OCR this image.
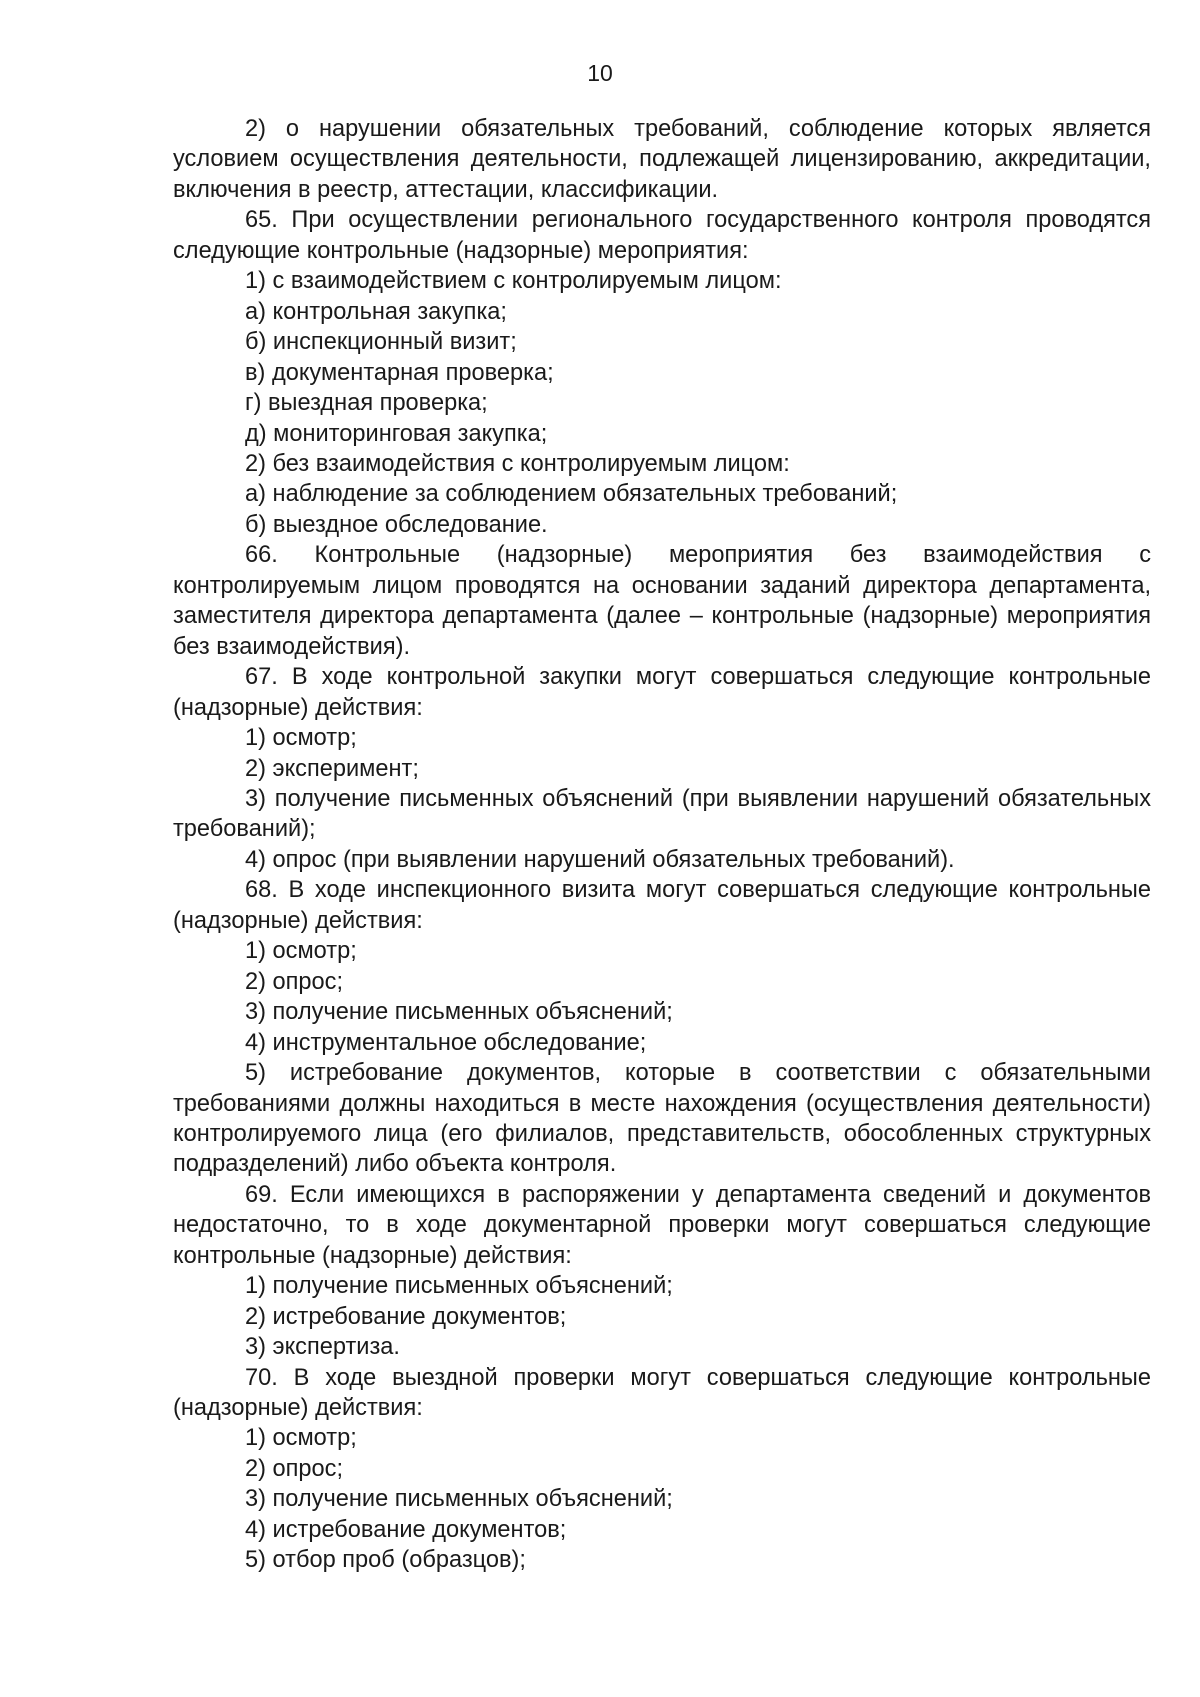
10

2) о нарушении обязательных требований, соблюдение которых является условием осуществления деятельности, подлежащей лицензированию, аккредитации, включения в реестр, аттестации, классификации.

65. При осуществлении регионального государственного контроля проводятся следующие контрольные (надзорные) мероприятия:

1) с взаимодействием с контролируемым лицом:

а) контрольная закупка;

б) инспекционный визит;

в) документарная проверка;

г) выездная проверка;

д) мониторинговая закупка;

2) без взаимодействия с контролируемым лицом:

а) наблюдение за соблюдением обязательных требований;

б) выездное обследование.

66. Контрольные (надзорные) мероприятия без взаимодействия с контролируемым лицом проводятся на основании заданий директора департамента, заместителя директора департамента (далее – контрольные (надзорные) мероприятия без взаимодействия).

67. В ходе контрольной закупки могут совершаться следующие контрольные (надзорные) действия:

1) осмотр;

2) эксперимент;

3) получение письменных объяснений (при выявлении нарушений обязательных требований);

4) опрос (при выявлении нарушений обязательных требований).

68. В ходе инспекционного визита могут совершаться следующие контрольные (надзорные) действия:

1) осмотр;

2) опрос;

3) получение письменных объяснений;

4) инструментальное обследование;

5) истребование документов, которые в соответствии с обязательными требованиями должны находиться в месте нахождения (осуществления деятельности) контролируемого лица (его филиалов, представительств, обособленных структурных подразделений) либо объекта контроля.

69. Если имеющихся в распоряжении у департамента сведений и документов недостаточно, то в ходе документарной проверки могут совершаться следующие контрольные (надзорные) действия:

1) получение письменных объяснений;

2) истребование документов;

3) экспертиза.

70. В ходе выездной проверки могут совершаться следующие контрольные (надзорные) действия:

1) осмотр;

2) опрос;

3) получение письменных объяснений;

4) истребование документов;

5) отбор проб (образцов);
